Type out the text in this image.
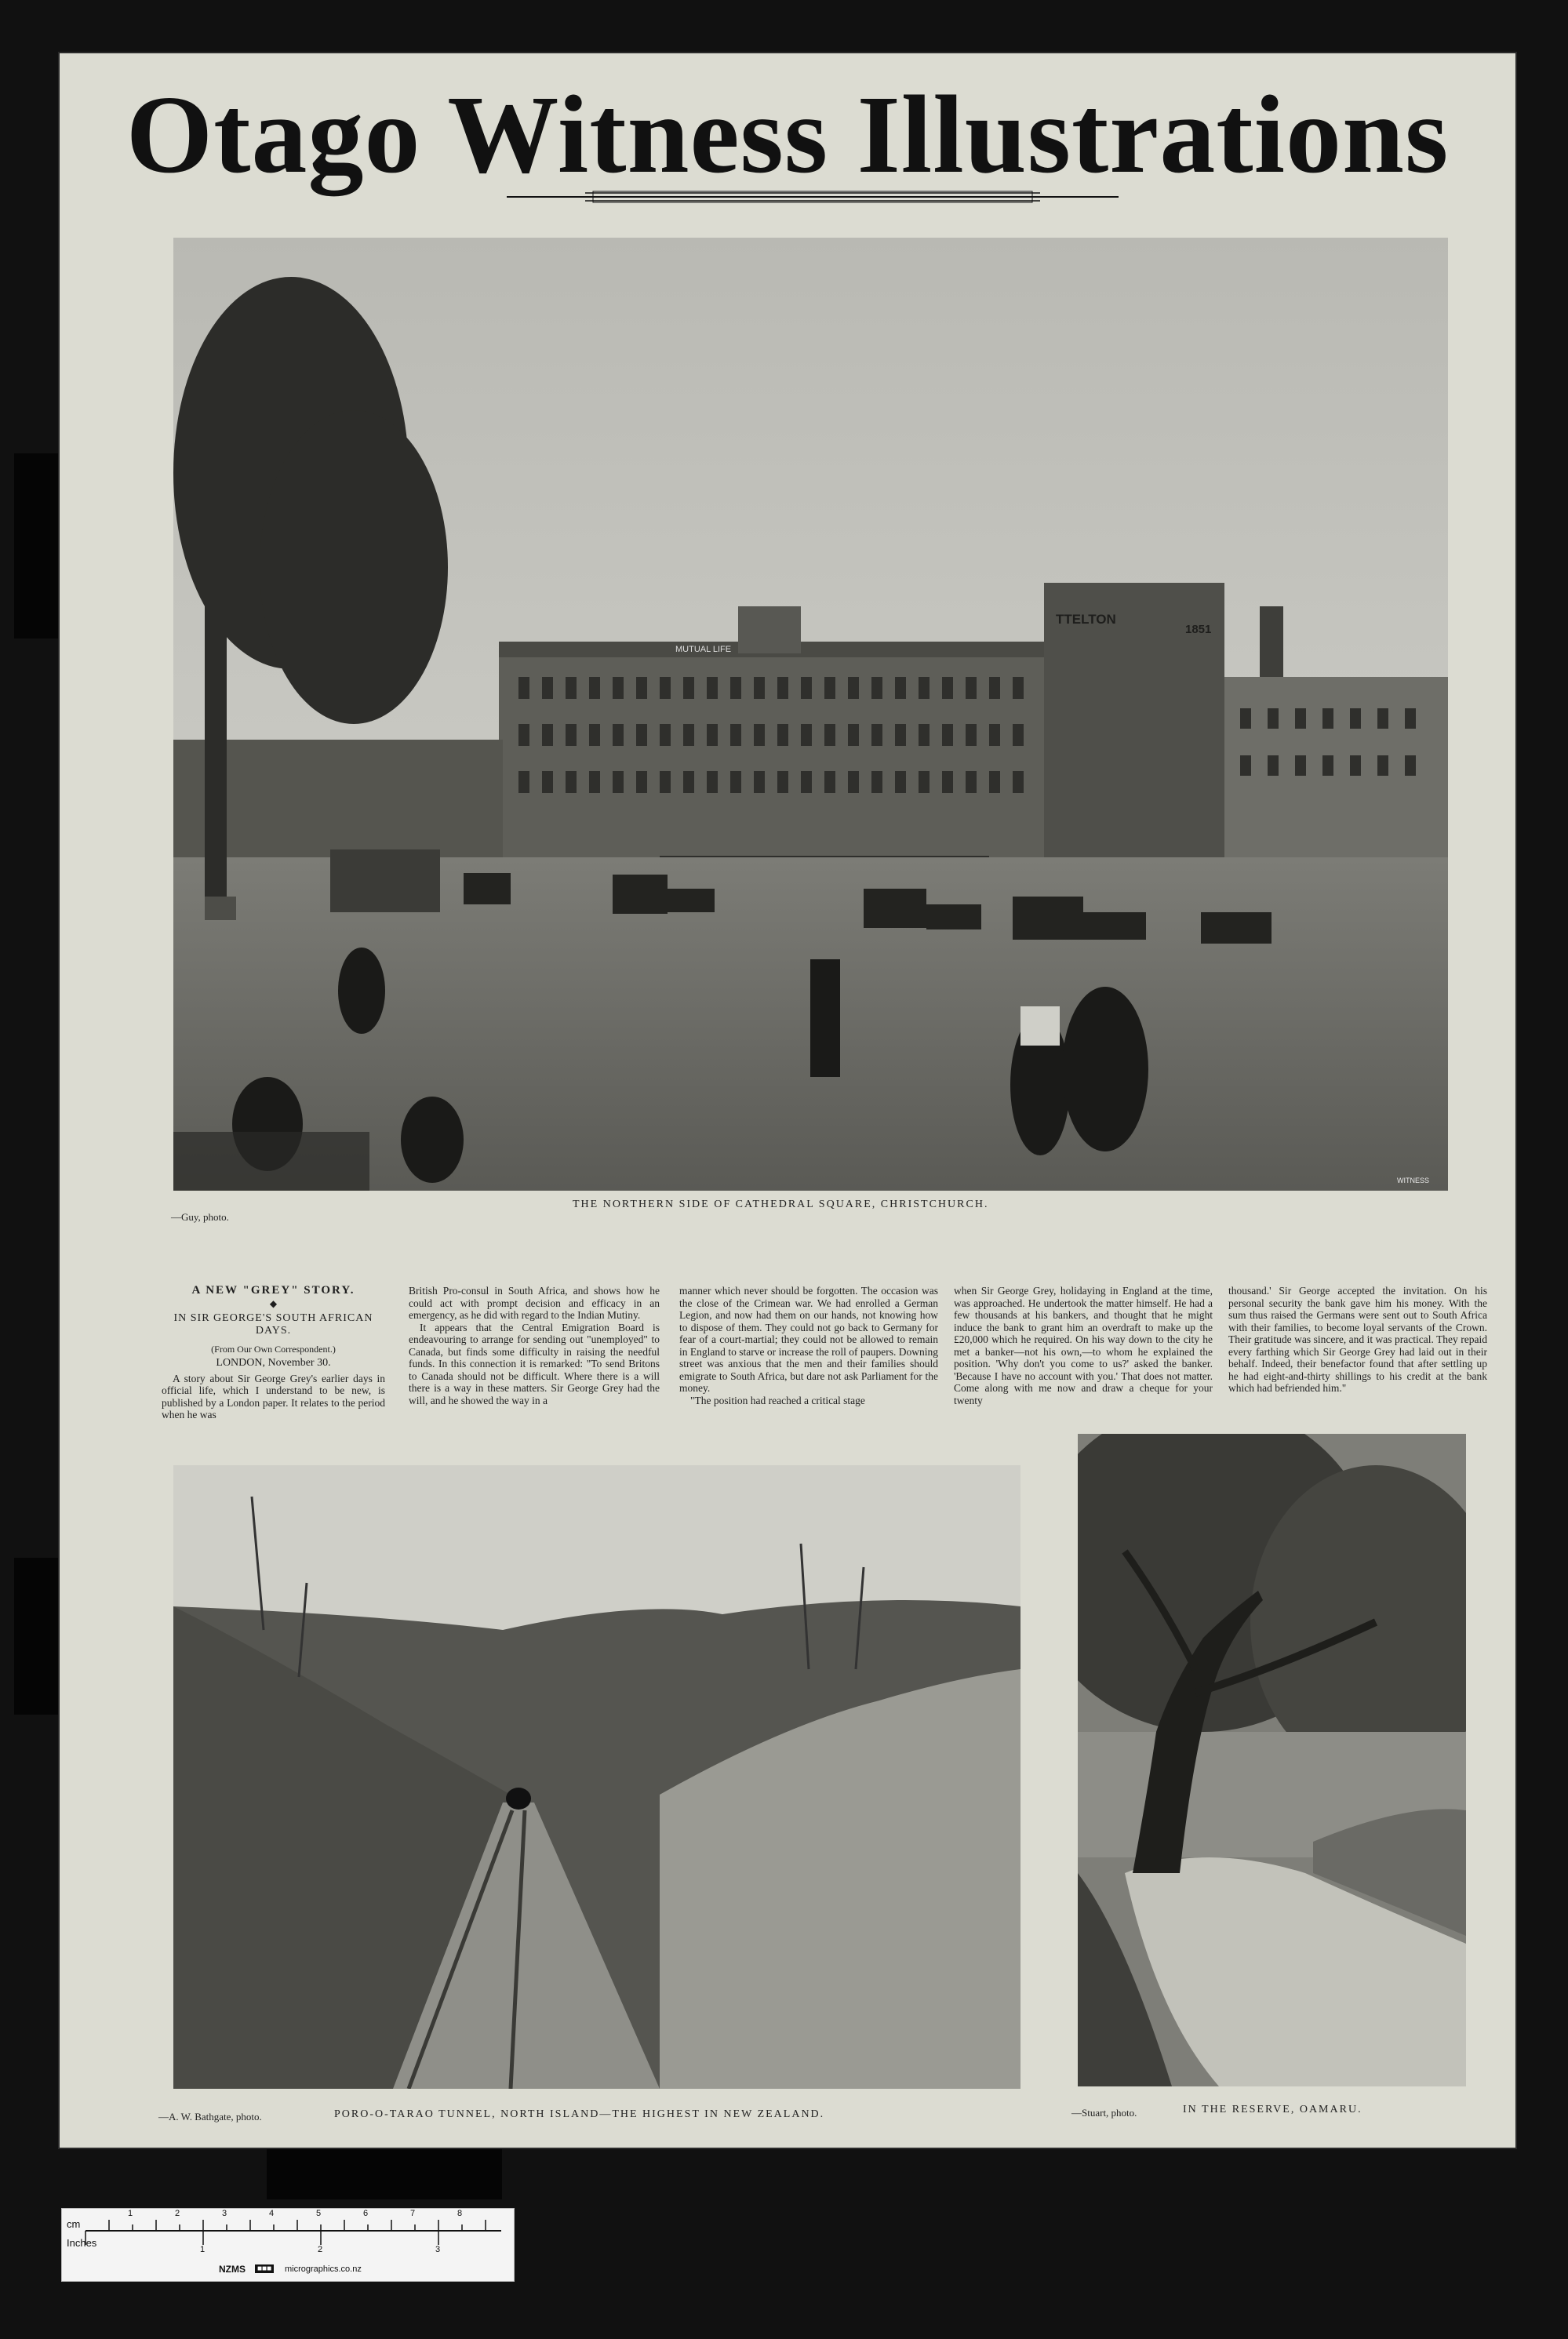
Otago Witness Illustrations
TTELTON
1851
MUTUAL LIFE
WITNESS
—Guy, photo.
THE NORTHERN SIDE OF CATHEDRAL SQUARE, CHRISTCHURCH.
A NEW "GREY" STORY.
◆
IN SIR GEORGE'S SOUTH AFRICAN DAYS.
(From Our Own Correspondent.)
LONDON, November 30.

A story about Sir George Grey's earlier days in official life, which I understand to be new, is published by a London paper. It relates to the period when he was

British Pro-consul in South Africa, and shows how he could act with prompt decision and efficacy in an emergency, as he did with regard to the Indian Mutiny.

It appears that the Central Emigration Board is endeavouring to arrange for sending out "unemployed" to Canada, but finds some difficulty in raising the needful funds. In this connection it is remarked: "To send Britons to Canada should not be difficult. Where there is a will there is a way in these matters. Sir George Grey had the will, and he showed the way in a

manner which never should be forgotten. The occasion was the close of the Crimean war. We had enrolled a German Legion, and now had them on our hands, not knowing how to dispose of them. They could not go back to Germany for fear of a court-martial; they could not be allowed to remain in England to starve or increase the roll of paupers. Downing street was anxious that the men and their families should emigrate to South Africa, but dare not ask Parliament for the money.

"The position had reached a critical stage

when Sir George Grey, holidaying in England at the time, was approached. He undertook the matter himself. He had a few thousands at his bankers, and thought that he might induce the bank to grant him an overdraft to make up the £20,000 which he required. On his way down to the city he met a banker—not his own,—to whom he explained the position. 'Why don't you come to us?' asked the banker. 'Because I have no account with you.' That does not matter. Come along with me now and draw a cheque for your twenty

thousand.' Sir George accepted the invitation. On his personal security the bank gave him his money. With the sum thus raised the Germans were sent out to South Africa with their families, to become loyal servants of the Crown. Their gratitude was sincere, and it was practical. They repaid every farthing which Sir George Grey had laid out in their behalf. Indeed, their benefactor found that after settling up he had eight-and-thirty shillings to his credit at the bank which had befriended him."

—A. W. Bathgate, photo.	PORO-O-TARAO TUNNEL, NORTH ISLAND—THE HIGHEST IN NEW ZEALAND.	—Stuart, photo.	IN THE RESERVE, OAMARU.
cm
Inches
1	2	3	4	5	6	7	8
1	2	3
NZMS	■■■ micrographics.co.nz
